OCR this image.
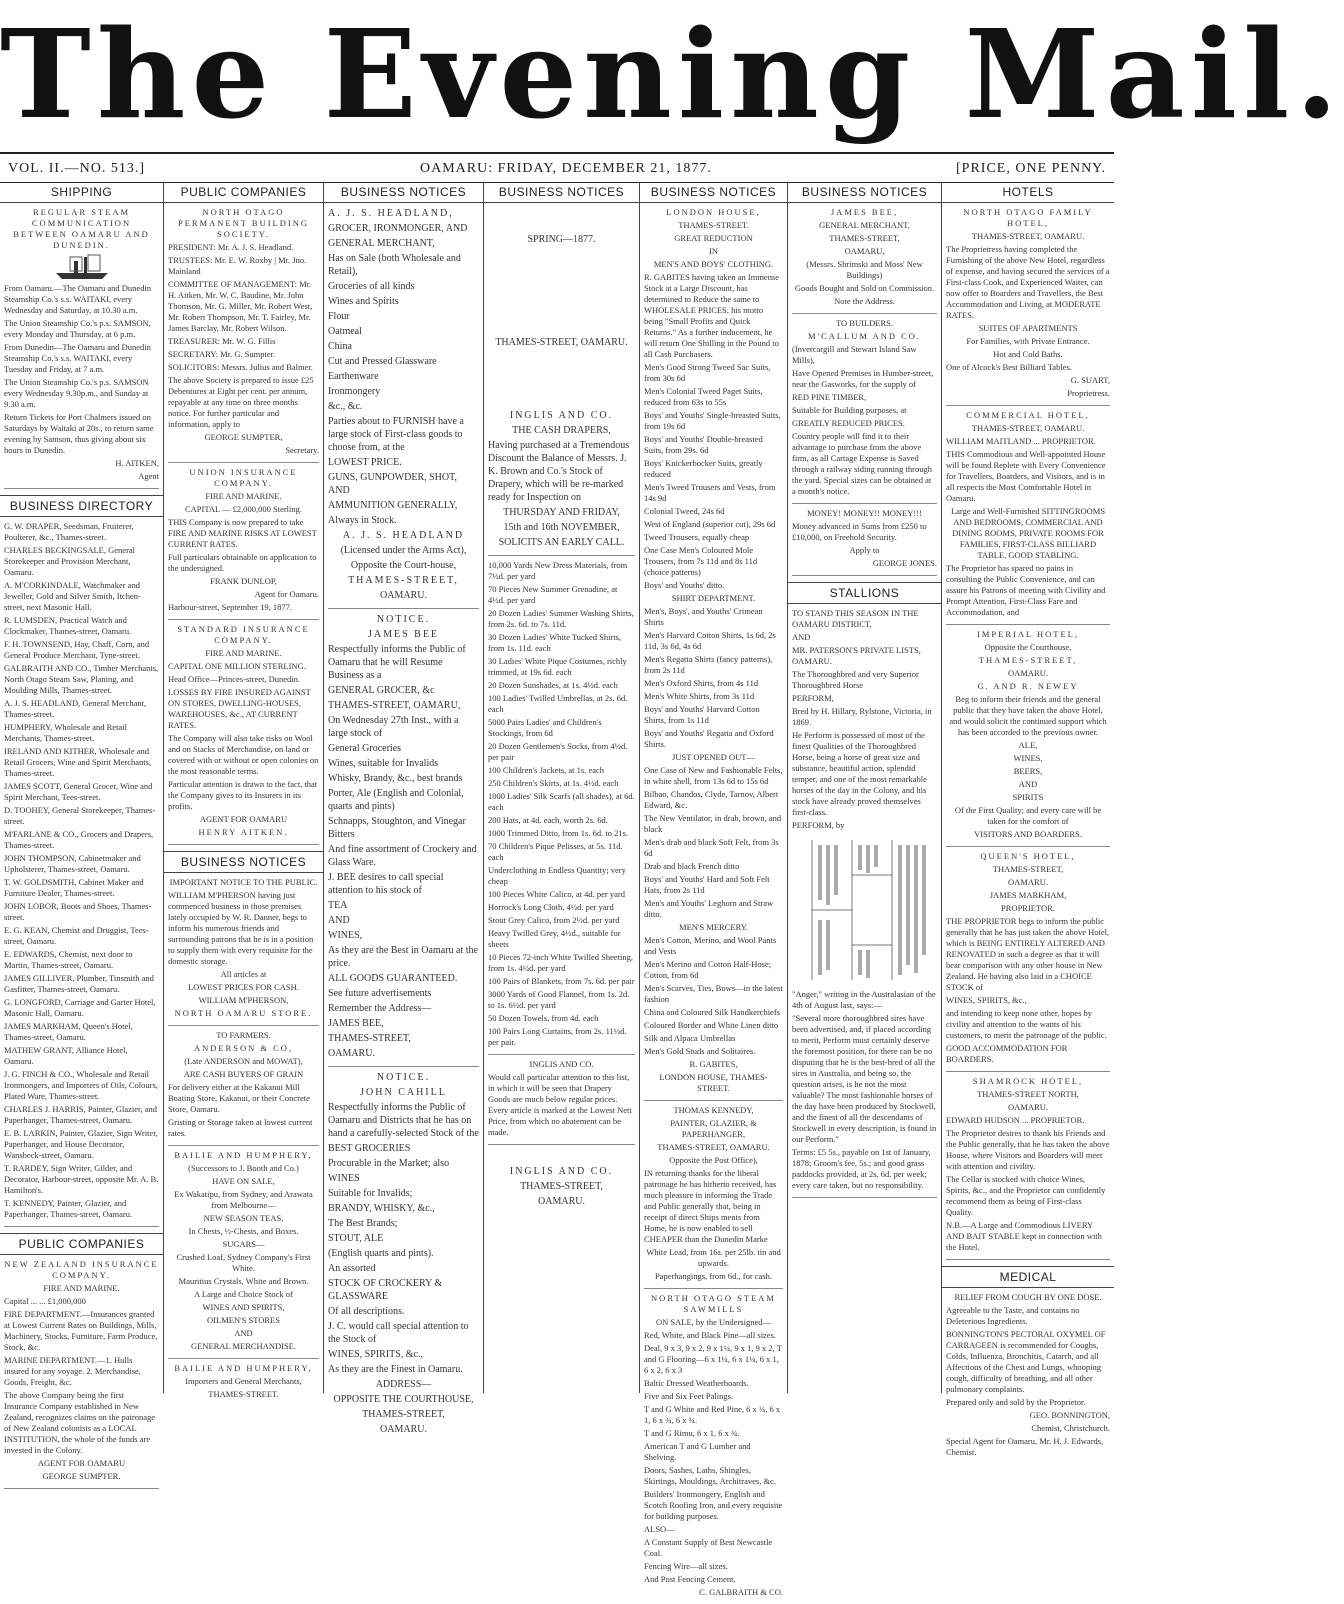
The Evening Mail.
VOL. II.—NO. 513.]	OAMARU: FRIDAY, DECEMBER 21, 1877.	[PRICE, ONE PENNY.
SHIPPING

REGULAR STEAM COMMUNICATION BETWEEN OAMARU AND DUNEDIN.

From Oamaru.—The Oamaru and Dunedin Steamship Co.'s s.s. WAITAKI, every Wednesday and Saturday, at 10.30 a.m.

The Union Steamship Co.'s p.s. SAMSON, every Monday and Thursday, at 6 p.m.

From Dunedin—The Oamaru and Dunedin Steamship Co.'s s.s. WAITAKI, every Tuesday and Friday, at 7 a.m.

The Union Steamship Co.'s p.s. SAMSON every Wednesday 9.30p.m., and Sunday at 9.30 a.m.

Return Tickets for Port Chalmers issued on Saturdays by Waitaki at 20s., to return same evening by Samson, thus giving about six hours in Dunedin.

H. AITKEN,

Agent

BUSINESS DIRECTORY

G. W. DRAPER, Seedsman, Fruiterer, Poulterer, &c., Thames-street.

CHARLES BECKINGSALE, General Storekeeper and Provision Merchant, Oamaru.

A. M'CORKINDALE, Watchmaker and Jeweller, Gold and Silver Smith, Itchen-street, next Masonic Hall.

R. LUMSDEN, Practical Watch and Clockmaker, Thames-street, Oamaru.

F. H. TOWNSEND, Hay, Chaff, Corn, and General Produce Merchant, Tyne-street.

GALBRAITH AND CO., Timber Merchants, North Otago Steam Saw, Planing, and Moulding Mills, Thames-street.

A. J. S. HEADLAND, General Merchant, Thames-street.

HUMPHERY, Wholesale and Retail Merchants, Thames-street.

IRELAND AND KITHER, Wholesale and Retail Grocers, Wine and Spirit Merchants, Thames-street.

JAMES SCOTT, General Grocer, Wine and Spirit Merchant, Tees-street.

D. TOOHEY, General Storekeeper, Thames-street.

M'FARLANE & CO., Grocers and Drapers, Thames-street.

JOHN THOMPSON, Cabinetmaker and Upholsterer, Thames-street, Oamaru.

T. W. GOLDSMITH, Cabinet Maker and Furniture Dealer, Thames-street.

JOHN LOBOR, Boots and Shoes, Thames-street.

E. G. KEAN, Chemist and Druggist, Tees-street, Oamaru.

E. EDWARDS, Chemist, next door to Martin, Thames-street, Oamaru.

JAMES GILLIVER, Plumber, Tinsmith and Gasfitter, Thames-street, Oamaru.

G. LONGFORD, Carriage and Garter Hotel, Masonic Hall, Oamaru.

JAMES MARKHAM, Queen's Hotel, Thames-street, Oamaru.

MATHEW GRANT, Alliance Hotel, Oamaru.

J. G. FINCH & CO., Wholesale and Retail Ironmongers, and Importers of Oils, Colours, Plated Ware, Thames-street.

CHARLES J. HARRIS, Painter, Glazier, and Paperhanger, Thames-street, Oamaru.

E. B. LARKIN, Painter, Glazier, Sign Writer, Paperhanger, and House Decorator, Wansbeck-street, Oamaru.

T. RARDEY, Sign Writer, Gilder, and Decorator, Harbour-street, opposite Mr. A. B. Hamilton's.

T. KENNEDY, Painter, Glazier, and Paperhanger, Thames-street, Oamaru.

PUBLIC COMPANIES

NEW ZEALAND INSURANCE COMPANY.

FIRE AND MARINE.

Capital ... ... £1,000,000

FIRE DEPARTMENT.—Insurances granted at Lowest Current Rates on Buildings, Mills, Machinery, Stocks, Furniture, Farm Produce, Stock, &c.

MARINE DEPARTMENT.—1. Hulls insured for any voyage. 2. Merchandise, Goods, Freight, &c.

The above Company being the first Insurance Company established in New Zealand, recognizes claims on the patronage of New Zealand colonists as a LOCAL INSTITUTION, the whole of the funds are invested in the Colony.

AGENT FOR OAMARU

GEORGE SUMPTER.

PUBLIC COMPANIES

NORTH OTAGO PERMANENT BUILDING SOCIETY.

PRESIDENT: Mr. A. J. S. Headland.

TRUSTEES: Mr. E. W. Roxby | Mr. Jno. Mainland

COMMITTEE OF MANAGEMENT: Mr. H. Aitken, Mr. W. C. Baudine, Mr. John Thomson, Mr. G. Miller, Mr. Robert West, Mr. Robert Thompson, Mr. T. Fairley, Mr. James Barclay, Mr. Robert Wilson.

TREASURER: Mr. W. G. Fillis

SECRETARY: Mr. G. Sumpter.

SOLICITORS: Messrs. Julius and Balmer.

The above Society is prepared to issue £25 Debentures at Eight per cent. per annum, repayable at any time on three months notice. For further particular and information, apply to

GEORGE SUMPTER,

Secretary.

UNION INSURANCE COMPANY.

FIRE AND MARINE.

CAPITAL — £2,000,000 Sterling.

THIS Company is now prepared to take FIRE AND MARINE RISKS AT LOWEST CURRENT RATES.

Full particulars obtainable on application to the undersigned.

FRANK DUNLOP,

Agent for Oamaru.

Harbour-street, September 19, 1877.

STANDARD INSURANCE COMPANY.

FIRE AND MARINE.

CAPITAL ONE MILLION STERLING.

Head Office—Princes-street, Dunedin.

LOSSES BY FIRE INSURED AGAINST ON STORES, DWELLING-HOUSES, WAREHOUSES, &c., AT CURRENT RATES.

The Company will also take risks on Wool and on Stacks of Merchandise, on land or covered with or without or open colonies on the most reasonable terms.

Particular attention is drawn to the fact, that the Company gives to its Insurers in its profits.

AGENT FOR OAMARU

HENRY AITKEN.

BUSINESS NOTICES

IMPORTANT NOTICE TO THE PUBLIC.

WILLIAM M'PHERSON having just commenced business in those premises lately occupied by W. R. Danner, begs to inform his numerous friends and surrounding patrons that he is in a position to supply them with every requisite for the domestic storage.

All articles at

LOWEST PRICES FOR CASH.

WILLIAM M'PHERSON,

NORTH OAMARU STORE.

TO FARMERS.

ANDERSON & CO,

(Late ANDERSON and MOWAT),

ARE CASH BUYERS OF GRAIN

For delivery either at the Kakanui Mill Boating Store, Kakanui, or their Concrete Store, Oamaru.

Gristing or Storage taken at lowest current rates.

BAILIE AND HUMPHERY,

(Successors to J. Booth and Co.)

HAVE ON SALE,

Ex Wakatipu, from Sydney, and Arawata from Melbourne—

NEW SEASON TEAS,

In Chests, ½-Chests, and Boxes.

SUGARS—

Crushed Loaf, Sydney Company's First White.

Mauritius Crystals, White and Brown.

A Large and Choice Stock of

WINES AND SPIRITS,

OILMEN'S STORES

AND

GENERAL MERCHANDISE.

BAILIE AND HUMPHERY,

Importers and General Merchants,

THAMES-STREET.

BUSINESS NOTICES

A. J. S. HEADLAND,

GROCER, IRONMONGER, AND

GENERAL MERCHANT,

Has on Sale (both Wholesale and Retail),

Groceries of all kinds

Wines and Spirits

Flour

Oatmeal

China

Cut and Pressed Glassware

Earthenware

Ironmongery

&c., &c.

Parties about to FURNISH have a large stock of First-class goods to choose from, at the

LOWEST PRICE.

GUNS, GUNPOWDER, SHOT, AND

AMMUNITION GENERALLY,

Always in Stock.

A. J. S. HEADLAND

(Licensed under the Arms Act),

Opposite the Court-house,

THAMES-STREET,

OAMARU.

NOTICE.

JAMES BEE

Respectfully informs the Public of Oamaru that he will Resume Business as a

GENERAL GROCER, &c

THAMES-STREET, OAMARU,

On Wednesday 27th Inst., with a large stock of

General Groceries

Wines, suitable for Invalids

Whisky, Brandy, &c., best brands

Porter, Ale (English and Colonial, quarts and pints)

Schnapps, Stoughton, and Vinegar Bitters

And fine assortment of Crockery and Glass Ware.

J. BEE desires to call special attention to his stock of

TEA

AND

WINES,

As they are the Best in Oamaru at the price.

ALL GOODS GUARANTEED.

See future advertisements

Remember the Address—

JAMES BEE,

THAMES-STREET,

OAMARU.

NOTICE.

JOHN CAHILL

Respectfully informs the Public of Oamaru and Districts that he has on hand a carefully-selected Stock of the

BEST GROCERIES

Procurable in the Market; also

WINES

Suitable for Invalids;

BRANDY, WHISKY, &c.,

The Best Brands;

STOUT, ALE

(English quarts and pints).

An assorted

STOCK OF CROCKERY & GLASSWARE

Of all descriptions.

J. C. would call special attention to the Stock of

WINES, SPIRITS, &c.,

As they are the Finest in Oamaru.

ADDRESS—

OPPOSITE THE COURTHOUSE,

THAMES-STREET,

OAMARU.

BUSINESS NOTICES

SPRING—1877.

THAMES-STREET, OAMARU.

INGLIS AND CO.

THE CASH DRAPERS,

Having purchased at a Tremendous Discount the Balance of Messrs. J. K. Brown and Co.'s Stock of Drapery, which will be re-marked ready for Inspection on

THURSDAY AND FRIDAY,

15th and 16th NOVEMBER,

SOLICITS AN EARLY CALL.

10,000 Yards New Dress Materials, from 7½d. per yard

70 Pieces New Summer Grenadine, at 4½d. per yard

20 Dozen Ladies' Summer Washing Shirts, from 2s. 6d. to 7s. 11d.

30 Dozen Ladies' White Tucked Shirts, from 1s. 11d. each

30 Ladies' White Pique Costumes, richly trimmed, at 19s 6d. each

20 Dozen Sunshades, at 1s. 4½d. each

100 Ladies' Twilled Umbrellas, at 2s. 6d. each

5000 Pairs Ladies' and Children's Stockings, from 6d

20 Dozen Gentlemen's Socks, from 4½d. per pair

100 Children's Jackets, at 1s. each

250 Children's Skirts, at 1s. 4½d. each

1000 Ladies' Silk Scarfs (all shades), at 6d. each

200 Hats, at 4d. each, worth 2s. 6d.

1000 Trimmed Ditto, from 1s. 6d. to 21s.

70 Children's Pique Pelisses, at 5s. 11d. each

Underclothing in Endless Quantity; very cheap

100 Pieces White Calico, at 4d. per yard

Horrock's Long Cloth, 4½d. per yard

Stout Grey Calico, from 2½d. per yard

Heavy Twilled Grey, 4½d., suitable for sheets

10 Pieces 72-inch White Twilled Sheeting, from 1s. 4½d. per yard

100 Pairs of Blankets, from 7s. 6d. per pair

3000 Yards of Good Flannel, from 1s. 2d. to 1s. 6½d. per yard

50 Dozen Towels, from 4d. each

100 Pairs Long Curtains, from 2s. 11½d. per pair.

INGLIS AND CO.

Would call particular attention to this list, in which it will be seen that Drapery Goods are much below regular prices. Every article is marked at the Lowest Nett Price, from which no abatement can be made.

INGLIS AND CO.

THAMES-STREET,

OAMARU.

BUSINESS NOTICES

LONDON HOUSE,

THAMES-STREET.

GREAT REDUCTION

IN

MEN'S AND BOYS' CLOTHING.

R. GABITES having taken an Immense Stock at a Large Discount, has determined to Reduce the same to WHOLESALE PRICES, his motto being "Small Profits and Quick Returns." As a further inducement, he will return One Shilling in the Pound to all Cash Purchasers.

Men's Good Strong Tweed Sac Suits, from 30s 6d

Men's Colonial Tweed Paget Suits, reduced from 63s to 55s

Boys' and Youths' Single-breasted Suits, from 19s 6d

Boys' and Youths' Double-breasted Suits, from 29s. 6d

Boys' Knickerbocker Suits, greatly reduced

Men's Tweed Trousers and Vests, from 14s 9d

Colonial Tweed, 24s 6d

West of England (superior cut), 29s 6d

Tweed Trousers, equally cheap

One Case Men's Coloured Mole Trousers, from 7s 11d and 8s 11d (choice patterns)

Boys' and Youths' ditto.

SHIRT DEPARTMENT.

Men's, Boys', and Youths' Crimean Shirts

Men's Harvard Cotton Shirts, 1s 6d, 2s 11d, 3s 6d, 4s 6d

Men's Regatta Shirts (fancy patterns), from 2s 11d

Men's Oxford Shirts, from 4s 11d

Men's White Shirts, from 3s 11d

Boys' and Youths' Harvard Cotton Shirts, from 1s 11d

Boys' and Youths' Regatta and Oxford Shirts.

JUST OPENED OUT—

One Case of New and Fashionable Felts, in white shell, from 13s 6d to 15s 6d

Bilbao, Chandos, Clyde, Tarnov, Albert Edward, &c.

The New Ventilator, in drab, brown, and black

Men's drab and black Soft Felt, from 3s 6d

Drab and black French ditto

Boys' and Youths' Hard and Soft Felt Hats, from 2s 11d

Men's and Youths' Leghorn and Straw ditto.

MEN'S MERCERY.

Men's Cotton, Merino, and Wool Pants and Vests

Men's Merino and Cotton Half-Hose; Cotton, from 6d

Men's Scarves, Ties, Bows—in the latest fashion

China and Coloured Silk Handkerchiefs

Coloured Border and White Linen ditto

Silk and Alpaca Umbrellas

Men's Gold Studs and Solitaires.

R. GABITES,

LONDON HOUSE, THAMES-STREET.

THOMAS KENNEDY,

PAINTER, GLAZIER, & PAPERHANGER,

THAMES-STREET, OAMARU.

Opposite the Post Office),

IN returning thanks for the liberal patronage he has hitherto received, has much pleasure in informing the Trade and Public generally that, being in receipt of direct Ships ments from Home, he is now enabled to sell CHEAPER than the Dunedin Marke

White Lead, from 16s. per 25lb. tin and upwards.

Paperhangings, from 6d., for cash.

NORTH OTAGO STEAM SAWMILLS

ON SALE, by the Undersigned—

Red, White, and Black Pine—all sizes.

Deal, 9 x 3, 9 x 2, 9 x 1¼, 9 x 1, 9 x 2, T and G Flooring—6 x 1¼, 6 x 1¼, 6 x 1, 6 x 2, 6 x 3

Baltic Dressed Weatherboards.

Five and Six Feet Palings.

T and G White and Red Pine, 6 x ¾, 6 x 1, 6 x ¾, 6 x ¾.

T and G Rimu, 6 x 1, 6 x ¾.

American T and G Lumber and Shelving.

Doors, Sashes, Laths, Shingles, Skirtings, Mouldings, Architraves, &c.

Builders' Ironmongery, English and Scotch Roofing Iron, and every requisite for building purposes.

ALSO—

A Constant Supply of Best Newcastle Coal.

Fencing Wire—all sizes.

And Post Fencing Cement.

C. GALBRAITH & CO.

BUSINESS NOTICES

JAMES BEE,

GENERAL MERCHANT,

THAMES-STREET,

OAMARU,

(Messrs. Shrimski and Moss' New Buildings)

Goods Bought and Sold on Commission.

Note the Address.

TO BUILDERS.

M'CALLUM AND CO.

(Invercargill and Stewart Island Saw Mills),

Have Opened Premises in Humber-street, near the Gasworks, for the supply of

RED PINE TIMBER,

Suitable for Building purposes, at

GREATLY REDUCED PRICES.

Country people will find it to their advantage to purchase from the above firm, as all Cartage Expense is Saved through a railway siding running through the yard. Special sizes can be obtained at a month's notice.

MONEY! MONEY!! MONEY!!!

Money advanced in Sums from £250 to £10,000, on Freehold Security.

Apply to

GEORGE JONES.

STALLIONS

TO STAND THIS SEASON IN THE OAMARU DISTRICT,

AND

MR. PATERSON'S PRIVATE LISTS, OAMARU.

The Thoroughbred and very Superior Thoroughbred Horse

PERFORM,

Bred by H. Hillary, Rylstone, Victoria, in 1869.

He Perform is possessed of most of the finest Qualities of the Thoroughbred Horse, being a horse of great size and substance, beautiful action, splendid temper, and one of the most remarkable horses of the day in the Colony, and his stock have already proved themselves first-class.

PERFORM, by

"Anger," writing in the Australasian of the 4th of August last, says:—

"Several more thoroughbred sires have been advertised, and, if placed according to merit, Perform must certainly deserve the foremost position, for there can be no disputing that he is the best-bred of all the sires in Australia, and being so, the question arises, is he not the most valuable? The most fashionable horses of the day have been produced by Stockwell, and the finest of all the descendants of Stockwell in every description, is found in our Perform."

Terms: £5 5s., payable on 1st of January, 1878; Groom's fee, 5s.; and good grass paddocks provided, at 2s. 6d. per week; every care taken, but no responsibility.

HOTELS

NORTH OTAGO FAMILY HOTEL,

THAMES-STREET, OAMARU.

The Proprietress having completed the Furnishing of the above New Hotel, regardless of expense, and having secured the services of a First-class Cook, and Experienced Waiter, can now offer to Boarders and Travellers, the Best Accommodation and Living, at MODERATE RATES.

SUITES OF APARTMENTS

For Families, with Private Entrance.

Hot and Cold Baths.

One of Alcock's Best Billiard Tables.

G. SUART,

Proprietress.

COMMERCIAL HOTEL,

THAMES-STREET, OAMARU.

WILLIAM MAITLAND ... PROPRIETOR.

THIS Commodious and Well-appointed House will be found Replete with Every Convenience for Travellers, Boarders, and Visitors, and is in all respects the Most Comfortable Hotel in Oamaru.

Large and Well-Furnished SITTINGROOMS AND BEDROOMS, COMMERCIAL AND DINING ROOMS, PRIVATE ROOMS FOR FAMILIES, FIRST-CLASS BILLIARD TABLE, GOOD STABLING.

The Proprietor has spared no pains in consulting the Public Convenience, and can assure his Patrons of meeting with Civility and Prompt Attention, First-Class Fare and Accommodation, and

IMPERIAL HOTEL,

Opposite the Courthouse,

THAMES-STREET,

OAMARU.

G. AND R. NEWEY

Beg to inform their friends and the general public that they have taken the above Hotel, and would solicit the continued support which has been accorded to the previous owner.

ALE,

WINES,

BEERS,

AND

SPIRITS

Of the First Quality; and every care will be taken for the comfort of

VISITORS AND BOARDERS.

QUEEN'S HOTEL,

THAMES-STREET,

OAMARU.

JAMES MARKHAM,

PROPRIETOR.

THE PROPRIETOR begs to inform the public generally that he has just taken the above Hotel, which is BEING ENTIRELY ALTERED AND RENOVATED in such a degree as that it will bear comparison with any other house in New Zealand. He having also laid in a CHOICE STOCK of

WINES, SPIRITS, &c.,

and intending to keep none other, hopes by civility and attention to the wants of his customers, to merit the patronage of the public.

GOOD ACCOMMODATION FOR BOARDERS.

SHAMROCK HOTEL,

THAMES-STREET NORTH,

OAMARU.

EDWARD HUDSON ... PROPRIETOR.

The Proprietor desires to thank his Friends and the Public generally, that he has taken the above House, where Visitors and Boarders will meet with attention and civility.

The Cellar is stocked with choice Wines, Spirits, &c., and the Proprietor can confidently recommend them as being of First-class Quality.

N.B.—A Large and Commodious LIVERY AND BAIT STABLE kept in connection with the Hotel.

MEDICAL

RELIEF FROM COUGH BY ONE DOSE.

Agreeable to the Taste, and contains no Deleterious Ingredients.

BONNINGTON'S PECTORAL OXYMEL OF CARRAGEEN is recommended for Coughs, Colds, Influenza, Bronchitis, Catarrh, and all Affections of the Chest and Lungs, whooping cough, difficulty of breathing, and all other pulmonary complaints.

Prepared only and sold by the Proprietor.

GEO. BONNINGTON,

Chemist, Christchurch.

Special Agent for Oamaru, Mr. H. J. Edwards, Chemist.
